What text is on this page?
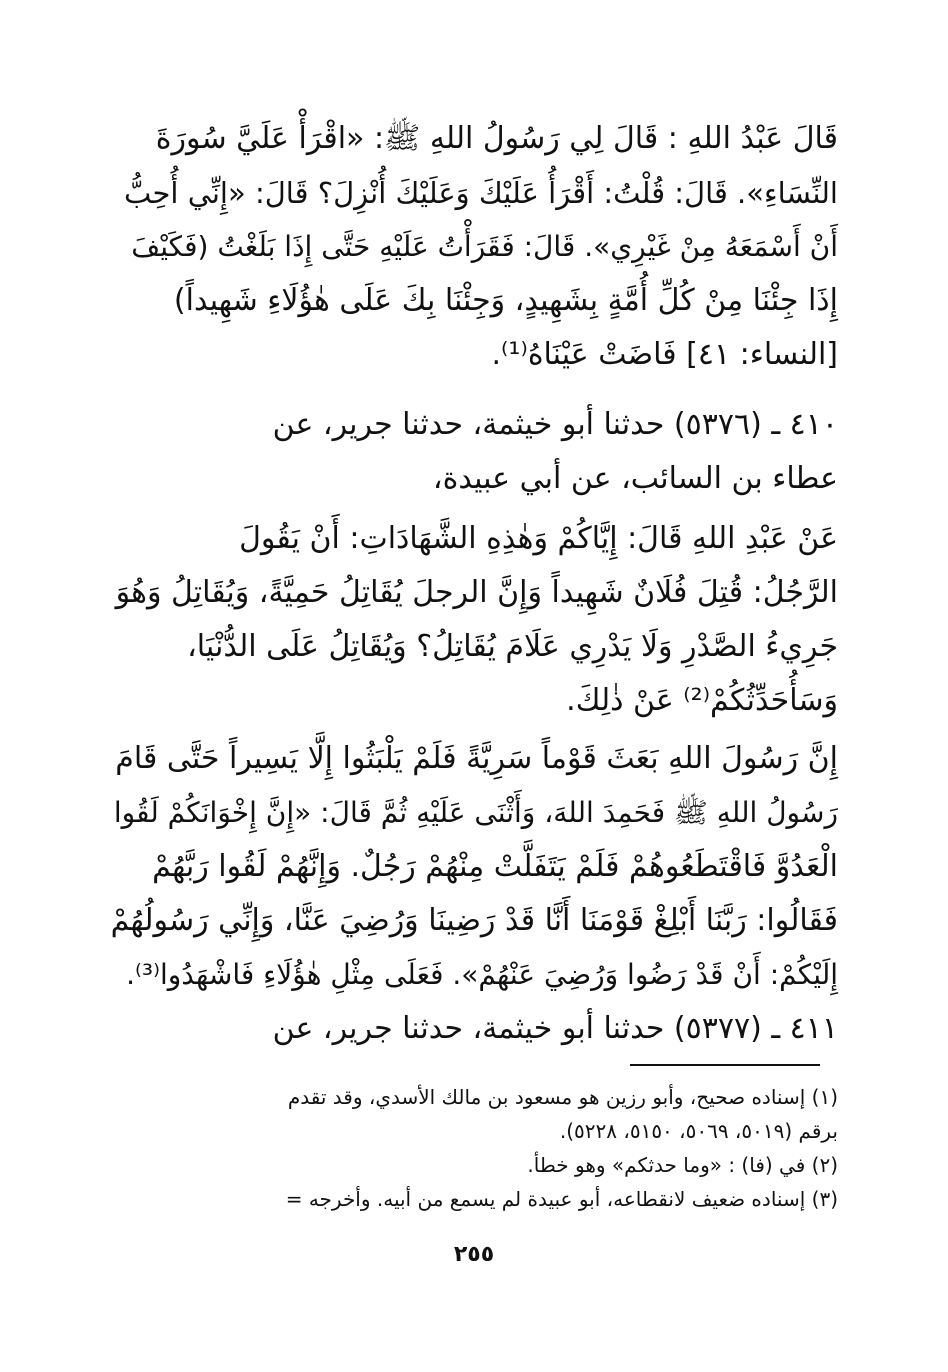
قَالَ عَبْدُ اللهِ : قَالَ لِي رَسُولُ اللهِ ﷺ: «اقْرَأْ عَلَيَّ سُورَةَ
النِّسَاءِ». قَالَ: قُلْتُ: أَقْرَأُ عَلَيْكَ وَعَلَيْكَ أُنْزِلَ؟ قَالَ: «إِنِّي أُحِبُّ
أَنْ أَسْمَعَهُ مِنْ غَيْرِي». قَالَ: فَقَرَأْتُ عَلَيْهِ حَتَّى إِذَا بَلَغْتُ (فَكَيْفَ
إِذَا جِئْنَا مِنْ كُلِّ أُمَّةٍ بِشَهِيدٍ، وَجِئْنَا بِكَ عَلَى هٰؤُلَاءِ شَهِيداً)
[النساء: ٤١] فَاضَتْ عَيْنَاهُ⁽¹⁾.
٤١٠ ـ (٥٣٧٦) حدثنا أبو خيثمة، حدثنا جرير، عن
عطاء بن السائب، عن أبي عبيدة،
عَنْ عَبْدِ اللهِ قَالَ: إِيَّاكُمْ وَهٰذِهِ الشَّهَادَاتِ: أَنْ يَقُولَ
الرَّجُلُ: قُتِلَ فُلَانٌ شَهِيداً وَإِنَّ الرجلَ يُقَاتِلُ حَمِيَّةً، وَيُقَاتِلُ وَهُوَ
جَرِيءُ الصَّدْرِ وَلَا يَدْرِي عَلَامَ يُقَاتِلُ؟ وَيُقَاتِلُ عَلَى الدُّنْيَا،
وَسَأُحَدِّثُكُمْ⁽²⁾ عَنْ ذٰلِكَ.
إِنَّ رَسُولَ اللهِ بَعَثَ قَوْماً سَرِيَّةً فَلَمْ يَلْبَثُوا إِلَّا يَسِيراً حَتَّى قَامَ
رَسُولُ اللهِ ﷺ فَحَمِدَ اللهَ، وَأَثْنَى عَلَيْهِ ثُمَّ قَالَ: «إِنَّ إِخْوَانَكُمْ لَقُوا
الْعَدُوَّ فَاقْتَطَعُوهُمْ فَلَمْ يَتَفَلَّتْ مِنْهُمْ رَجُلٌ. وَإِنَّهُمْ لَقُوا رَبَّهُمْ
فَقَالُوا: رَبَّنَا أَبْلِغْ قَوْمَنَا أَنَّا قَدْ رَضِينَا وَرُضِيَ عَنَّا، وَإِنِّي رَسُولُهُمْ
إِلَيْكُمْ: أَنْ قَدْ رَضُوا وَرُضِيَ عَنْهُمْ». فَعَلَى مِثْلِ هٰؤُلَاءِ فَاشْهَدُوا⁽³⁾.
٤١١ ـ (٥٣٧٧) حدثنا أبو خيثمة، حدثنا جرير، عن
(١) إسناده صحيح، وأبو رزين هو مسعود بن مالك الأسدي، وقد تقدم
برقم (٥٠١٩، ٥٠٦٩، ٥١٥٠، ٥٢٢٨).
(٢) في (فا) : «وما حدثكم» وهو خطأ.
(٣) إسناده ضعيف لانقطاعه، أبو عبيدة لم يسمع من أبيه. وأخرجه =
٢٥٥
